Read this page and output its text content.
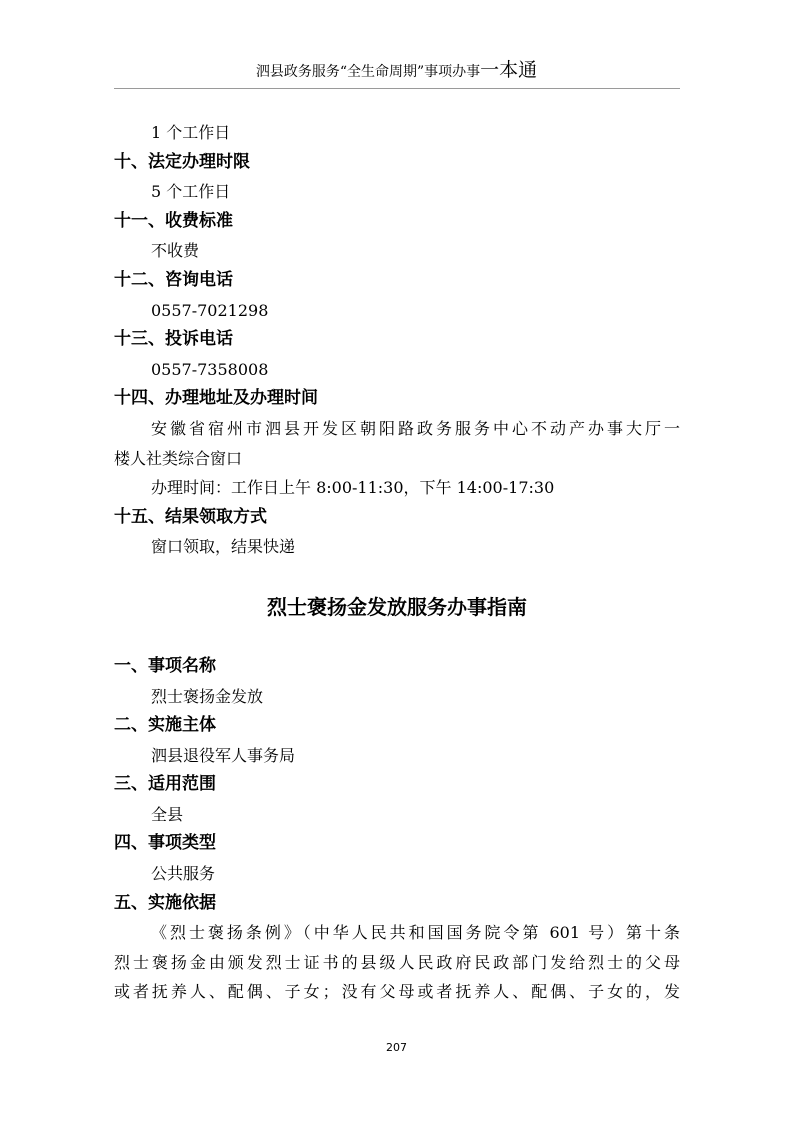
泗县政务服务“全生命周期”事项办事一本通
1 个工作日
十、法定办理时限
5 个工作日
十一、收费标准
不收费
十二、咨询电话
0557-7021298
十三、投诉电话
0557-7358008
十四、办理地址及办理时间
安徽省宿州市泗县开发区朝阳路政务服务中心不动产办事大厅一
楼人社类综合窗口
办理时间：工作日上午 8:00-11:30，下午 14:00-17:30
十五、结果领取方式
窗口领取，结果快递
烈士褒扬金发放服务办事指南
一、事项名称
烈士褒扬金发放
二、实施主体
泗县退役军人事务局
三、适用范围
全县
四、事项类型
公共服务
五、实施依据
《烈士褒扬条例》（中华人民共和国国务院令第 601 号）第十条
烈士褒扬金由颁发烈士证书的县级人民政府民政部门发给烈士的父母
或者抚养人、配偶、子女；没有父母或者抚养人、配偶、子女的，发
207
